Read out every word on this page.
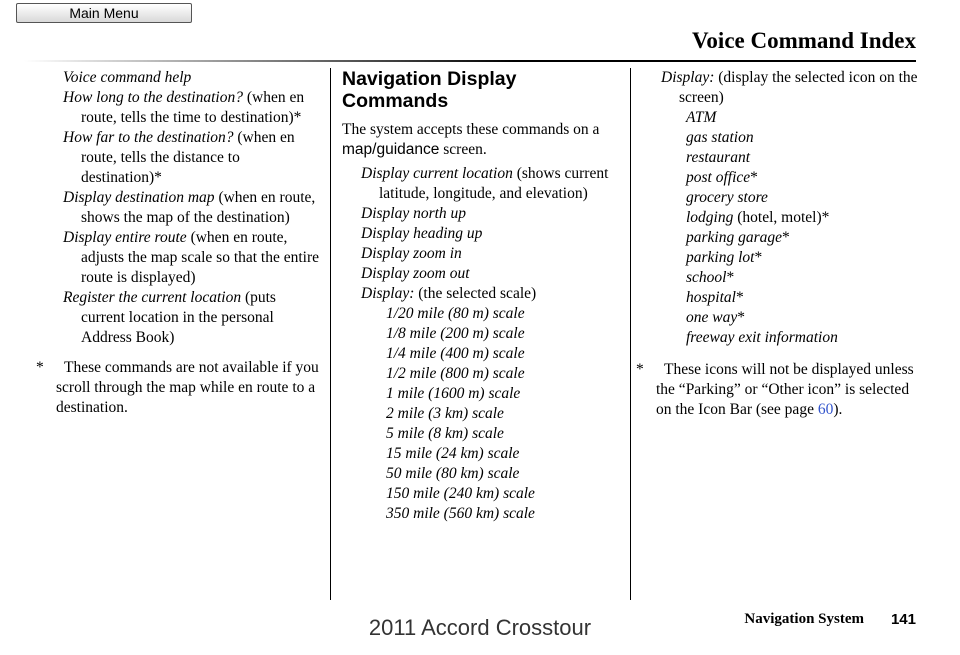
Main Menu
Voice Command Index

Voice command help

How long to the destination? (when en route, tells the time to destination)*

How far to the destination? (when en route, tells the distance to destination)*

Display destination map (when en route, shows the map of the destination)

Display entire route (when en route, adjusts the map scale so that the entire route is displayed)

Register the current location (puts current location in the personal Address Book)

* These commands are not available if you scroll through the map while en route to a destination.

Navigation Display Commands

The system accepts these commands on a map/guidance screen.

Display current location (shows current latitude, longitude, and elevation)

Display north up

Display heading up

Display zoom in

Display zoom out

Display: (the selected scale)

1/20 mile (80 m) scale

1/8 mile (200 m) scale

1/4 mile (400 m) scale

1/2 mile (800 m) scale

1 mile (1600 m) scale

2 mile (3 km) scale

5 mile (8 km) scale

15 mile (24 km) scale

50 mile (80 km) scale

150 mile (240 km) scale

350 mile (560 km) scale

Display: (display the selected icon on the screen)

ATM

gas station

restaurant

post office*

grocery store

lodging (hotel, motel)*

parking garage*

parking lot*

school*

hospital*

one way*

freeway exit information

* These icons will not be displayed unless the “Parking” or “Other icon” is selected on the Icon Bar (see page 60).

Navigation System	141
2011 Accord Crosstour
